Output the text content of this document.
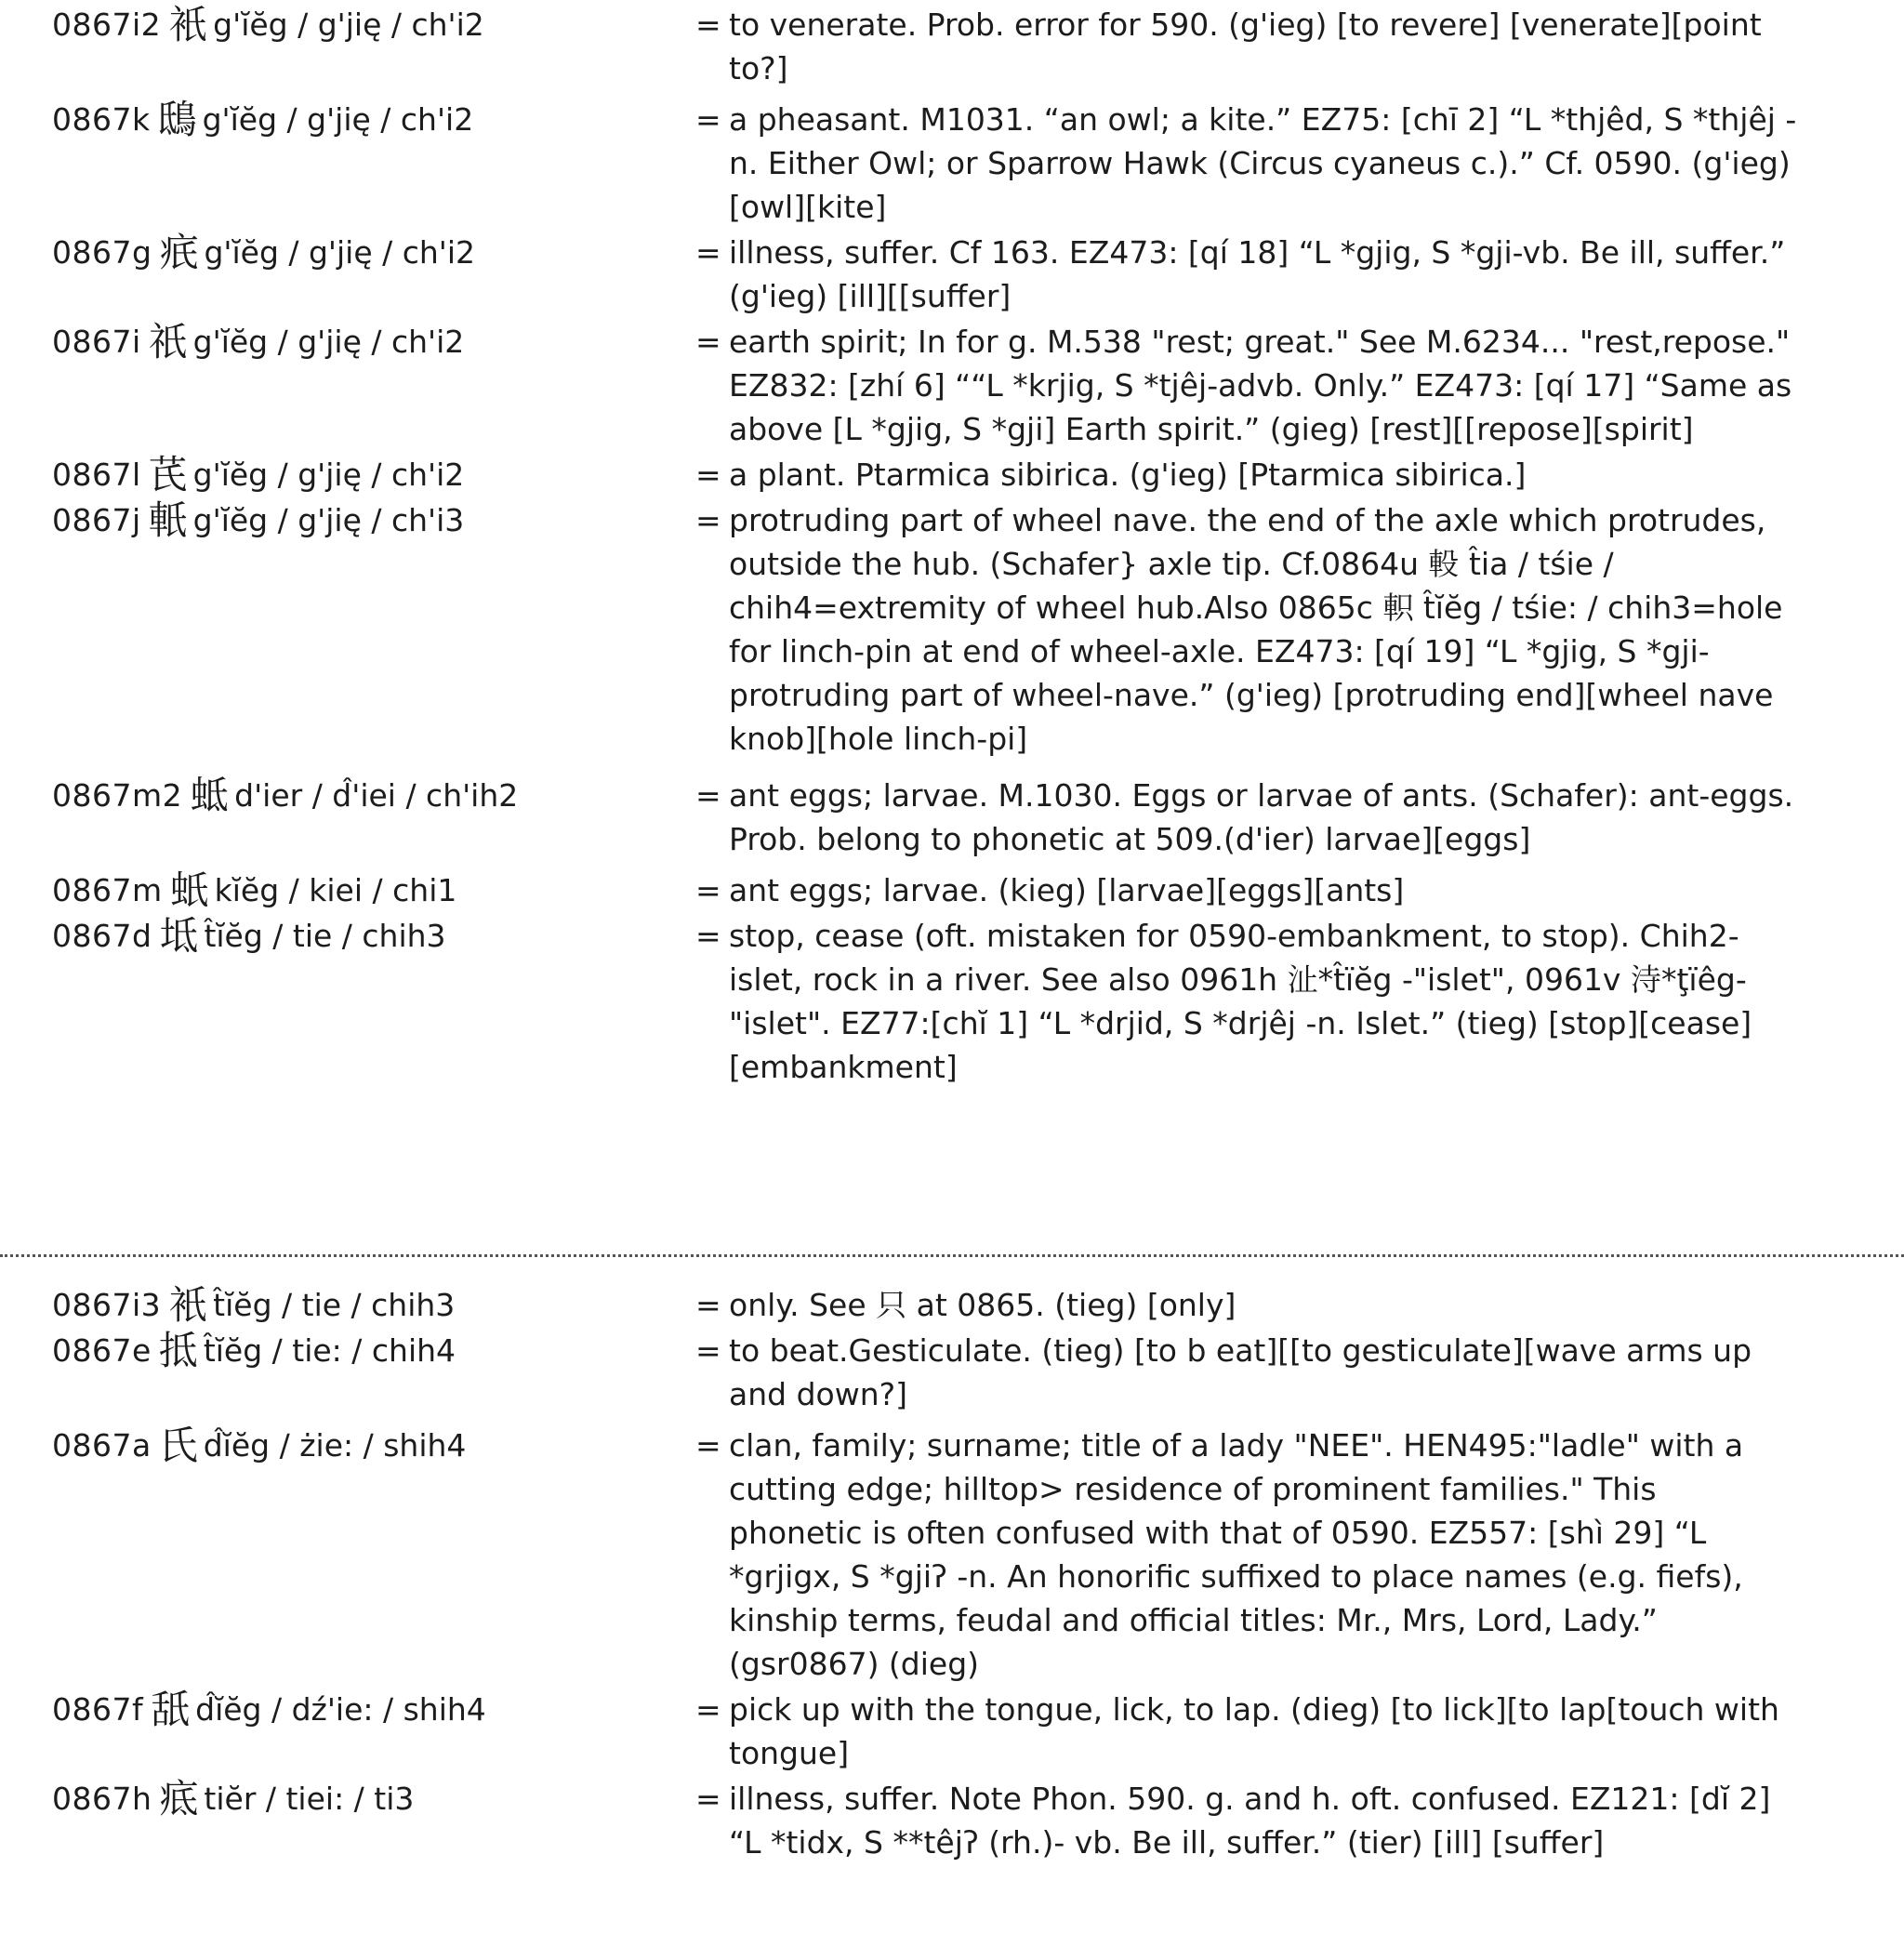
0867i2 衹 g'ĭĕg / g'jię / ch'i2	= to venerate. Prob. error for 590. (g'ieg) [to revere] [venerate][point to?]
0867k 鴟 g'ĭĕg / g'jię / ch'i2	= a pheasant. M1031. “an owl; a kite.” EZ75: [chī 2] “L *thjêd, S *thjêj -n. Either Owl; or Sparrow Hawk (Circus cyaneus c.).” Cf. 0590. (g'ieg) [owl][kite]
0867g 疧 g'ĭĕg / g'jię / ch'i2	= illness, suffer. Cf 163. EZ473: [qí 18] “L *gjig, S *gji-vb. Be ill, suffer.” (g'ieg) [ill][[suffer]
0867i 祇 g'ĭĕg / g'jię / ch'i2	= earth spirit; In for g. M.538 "rest; great." See M.6234... "rest,repose." EZ832: [zhí 6] ““L *krjig, S *tjêj-advb. Only.” EZ473: [qí 17] “Same as above [L *gjig, S *gji] Earth spirit.” (gieg) [rest][[repose][spirit]
0867l 芪 g'ĭĕg / g'jię / ch'i2	= a plant. Ptarmica sibirica. (g'ieg) [Ptarmica sibirica.]
0867j 軝 g'ĭĕg / g'jię / ch'i3	= protruding part of wheel nave. the end of the axle which protrudes, outside the hub. (Schafer} axle tip. Cf.0864u 軗 t̂ia / tśie / chih4=extremity of wheel hub.Also 0865c 軹 t̂ĭĕg / tśie: / chih3=hole for linch-pin at end of wheel-axle. EZ473: [qí 19] “L *gjig, S *gji-protruding part of wheel-nave.” (g'ieg) [protruding end][wheel nave knob][hole linch-pi]
0867m2 蚳 d'ier / d̂'iei / ch'ih2	= ant eggs; larvae. M.1030. Eggs or larvae of ants. (Schafer): ant-eggs. Prob. belong to phonetic at 509.(d'ier) larvae][eggs]
0867m 蚔 kĭĕg / kiei / chi1	= ant eggs; larvae. (kieg) [larvae][eggs][ants]
0867d 坻 t̂ĭĕg / tie / chih3	= stop, cease (oft. mistaken for 0590-embankment, to stop). Chih2- islet, rock in a river. See also 0961h 沚*t̂ïĕg -"islet", 0961v 洔*ţïêg- "islet". EZ77:[chĭ 1] “L *drjid, S *drjêj -n. Islet.” (tieg) [stop][cease][embankment]
0867i3 衹 t̂ĭĕg / tie / chih3	= only. See 只 at 0865. (tieg) [only]
0867e 抵 t̂ĭĕg / tie: / chih4	= to beat.Gesticulate. (tieg) [to b eat][[to gesticulate][wave arms up and down?]
0867a 氏 d̂ĭĕg / żie: / shih4	= clan, family; surname; title of a lady "NEE". HEN495:"ladle" with a cutting edge; hilltop> residence of prominent families." This phonetic is often confused with that of 0590. EZ557: [shì 29] “L *grjigx, S *gjiʔ -n. An honorific suffixed to place names (e.g. fiefs), kinship terms, feudal and official titles: Mr., Mrs, Lord, Lady.” (gsr0867) (dieg)
0867f 舐 d̂ĭĕg / dź'ie: / shih4	= pick up with the tongue, lick, to lap. (dieg) [to lick][to lap[touch with tongue]
0867h 疷 tiĕr / tiei: / ti3	= illness, suffer. Note Phon. 590. g. and h. oft. confused. EZ121: [dĭ 2] “L *tidx, S **têjʔ (rh.)- vb. Be ill, suffer.” (tier) [ill] [suffer]
